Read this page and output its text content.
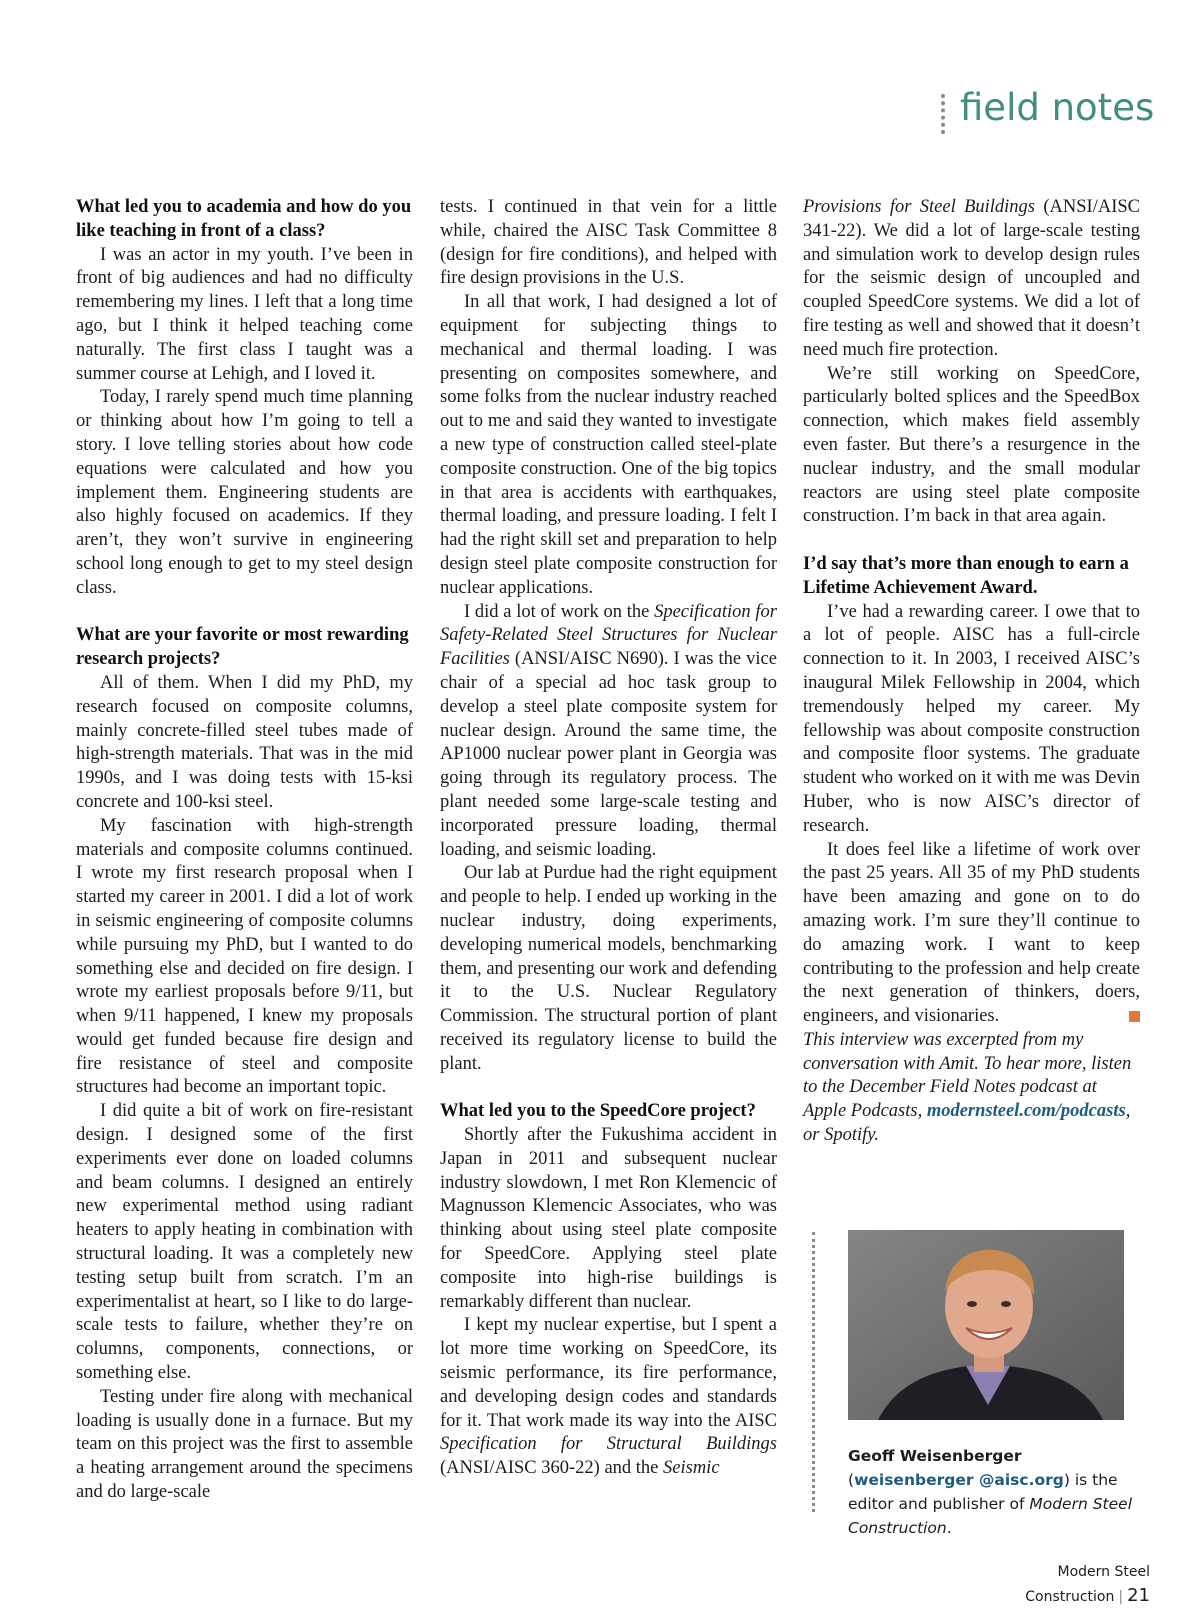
field notes
What led you to academia and how do you like teaching in front of a class?

I was an actor in my youth. I’ve been in front of big audiences and had no difficulty remembering my lines. I left that a long time ago, but I think it helped teaching come naturally. The first class I taught was a summer course at Lehigh, and I loved it.

Today, I rarely spend much time planning or thinking about how I’m going to tell a story. I love telling stories about how code equations were calculated and how you implement them. Engineering students are also highly focused on academics. If they aren’t, they won’t survive in engineering school long enough to get to my steel design class.

What are your favorite or most rewarding research projects?

All of them. When I did my PhD, my research focused on composite columns, mainly concrete-filled steel tubes made of high-strength materials. That was in the mid 1990s, and I was doing tests with 15-ksi concrete and 100-ksi steel.

My fascination with high-strength materials and composite columns continued. I wrote my first research proposal when I started my career in 2001. I did a lot of work in seismic engineering of composite columns while pursuing my PhD, but I wanted to do something else and decided on fire design. I wrote my earliest proposals before 9/11, but when 9/11 happened, I knew my proposals would get funded because fire design and fire resistance of steel and composite structures had become an important topic.

I did quite a bit of work on fire-resistant design. I designed some of the first experiments ever done on loaded columns and beam columns. I designed an entirely new experimental method using radiant heaters to apply heating in combination with structural loading. It was a completely new testing setup built from scratch. I’m an experimentalist at heart, so I like to do large-scale tests to failure, whether they’re on columns, components, connections, or something else.

Testing under fire along with mechanical loading is usually done in a furnace. But my team on this project was the first to assemble a heating arrangement around the specimens and do large-scale

tests. I continued in that vein for a little while, chaired the AISC Task Committee 8 (design for fire conditions), and helped with fire design provisions in the U.S.

In all that work, I had designed a lot of equipment for subjecting things to mechanical and thermal loading. I was presenting on composites somewhere, and some folks from the nuclear industry reached out to me and said they wanted to investigate a new type of construction called steel-plate composite construction. One of the big topics in that area is accidents with earthquakes, thermal loading, and pressure loading. I felt I had the right skill set and preparation to help design steel plate composite construction for nuclear applications.

I did a lot of work on the Specification for Safety-Related Steel Structures for Nuclear Facilities (ANSI/AISC N690). I was the vice chair of a special ad hoc task group to develop a steel plate composite system for nuclear design. Around the same time, the AP1000 nuclear power plant in Georgia was going through its regulatory process. The plant needed some large-scale testing and incorporated pressure loading, thermal loading, and seismic loading.

Our lab at Purdue had the right equipment and people to help. I ended up working in the nuclear industry, doing experiments, developing numerical models, benchmarking them, and presenting our work and defending it to the U.S. Nuclear Regulatory Commission. The structural portion of plant received its regulatory license to build the plant.

What led you to the SpeedCore project?

Shortly after the Fukushima accident in Japan in 2011 and subsequent nuclear industry slowdown, I met Ron Klemencic of Magnusson Klemencic Associates, who was thinking about using steel plate composite for SpeedCore. Applying steel plate composite into high-rise buildings is remarkably different than nuclear.

I kept my nuclear expertise, but I spent a lot more time working on SpeedCore, its seismic performance, its fire performance, and developing design codes and standards for it. That work made its way into the AISC Specification for Structural Buildings (ANSI/AISC 360-22) and the Seismic

Provisions for Steel Buildings (ANSI/AISC 341-22). We did a lot of large-scale testing and simulation work to develop design rules for the seismic design of uncoupled and coupled SpeedCore systems. We did a lot of fire testing as well and showed that it doesn’t need much fire protection.

We’re still working on SpeedCore, particularly bolted splices and the SpeedBox connection, which makes field assembly even faster. But there’s a resurgence in the nuclear industry, and the small modular reactors are using steel plate composite construction. I’m back in that area again.

I’d say that’s more than enough to earn a Lifetime Achievement Award.

I’ve had a rewarding career. I owe that to a lot of people. AISC has a full-circle connection to it. In 2003, I received AISC’s inaugural Milek Fellowship in 2004, which tremendously helped my career. My fellowship was about composite construction and composite floor systems. The graduate student who worked on it with me was Devin Huber, who is now AISC’s director of research.

It does feel like a lifetime of work over the past 25 years. All 35 of my PhD students have been amazing and gone on to do amazing work. I’m sure they’ll continue to do amazing work. I want to keep contributing to the profession and help create the next generation of thinkers, doers, engineers, and visionaries.

This interview was excerpted from my conversation with Amit. To hear more, listen to the December Field Notes podcast at Apple Podcasts, modernsteel.com/podcasts, or Spotify.

Geoff Weisenberger (weisenberger @aisc.org) is the editor and publisher of Modern Steel Construction.

Modern Steel Construction | 21
